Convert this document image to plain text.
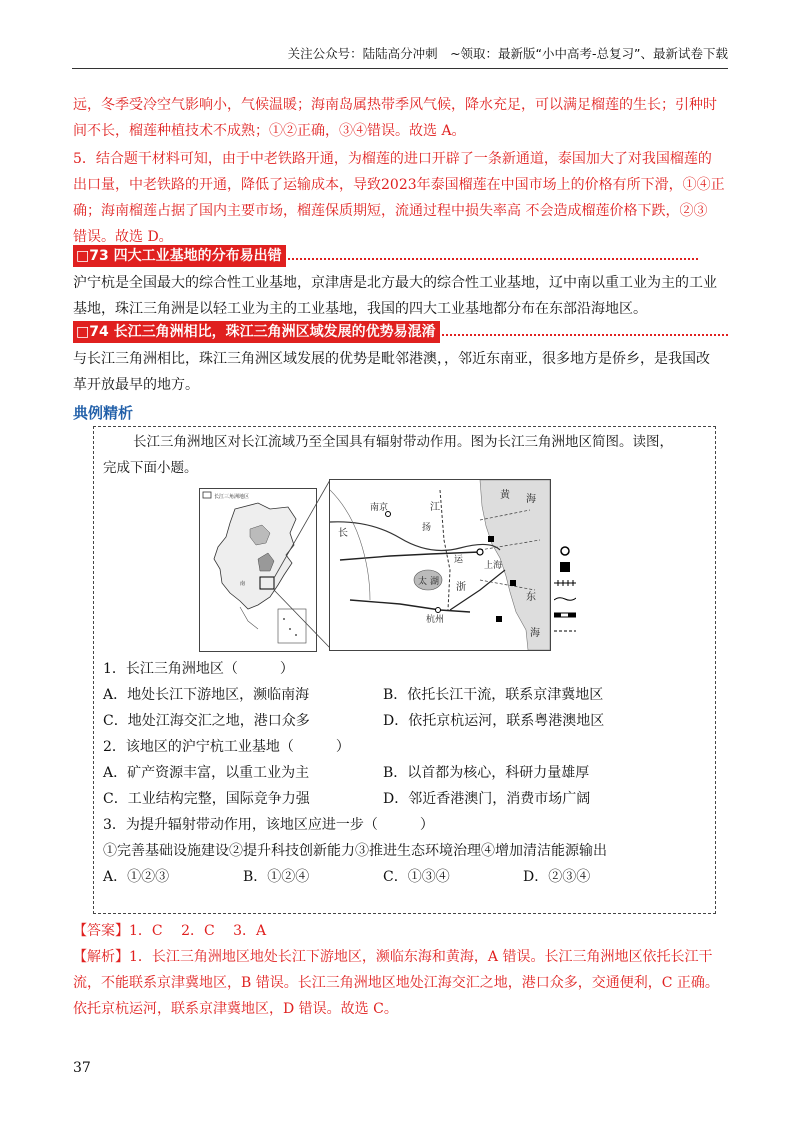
关注公众号：陆陆高分冲刺　~领取：最新版“小中高考-总复习”、最新试卷下载
远，冬季受冷空气影响小，气候温暖；海南岛属热带季风气候，降水充足，可以满足榴莲的生长；引种时
间不长，榴莲种植技术不成熟；①②正确，③④错误。故选 A。
5．结合题干材料可知，由于中老铁路开通，为榴莲的进口开辟了一条新通道，泰国加大了对我国榴莲的
出口量，中老铁路的开通，降低了运输成本，导致2023年泰国榴莲在中国市场上的价格有所下滑，①④正
确；海南榴莲占据了国内主要市场，榴莲保质期短，流通过程中损失率高 不会造成榴莲价格下跌，②③
错误。故选 D。
□73 四大工业基地的分布易出错
沪宁杭是全国最大的综合性工业基地，京津唐是北方最大的综合性工业基地，辽中南以重工业为主的工业
基地，珠江三角洲是以轻工业为主的工业基地，我国的四大工业基地都分布在东部沿海地区。
□74 长江三角洲相比，珠江三角洲区域发展的优势易混淆
与长江三角洲相比，珠江三角洲区域发展的优势是毗邻港澳，，邻近东南亚，很多地方是侨乡，是我国改
革开放最早的地方。
典例精析
长江三角洲地区对长江流域乃至全国具有辐射带动作用。图为长江三角洲地区简图。读图，
完成下面小题。
长江三角洲地区
南
黄 海
南京
长
江
扬
太 湖
运
上海
浙
杭州
东
海
1．长江三角洲地区（　　　）
A．地处长江下游地区，濒临南海	B．依托长江干流，联系京津冀地区
C．地处江海交汇之地，港口众多	D．依托京杭运河，联系粤港澳地区
2．该地区的沪宁杭工业基地（　　　）
A．矿产资源丰富，以重工业为主	B．以首都为核心，科研力量雄厚
C．工业结构完整，国际竞争力强	D．邻近香港澳门，消费市场广阔
3．为提升辐射带动作用，该地区应进一步（　　　）
①完善基础设施建设②提升科技创新能力③推进生态环境治理④增加清洁能源输出
A．①②③	B．①②④	C．①③④	D．②③④
【答案】1．C　 2．C　 3．A
【解析】1．长江三角洲地区地处长江下游地区，濒临东海和黄海，A 错误。长江三角洲地区依托长江干
流，不能联系京津冀地区，B 错误。长江三角洲地区地处江海交汇之地，港口众多，交通便利，C 正确。
依托京杭运河，联系京津冀地区，D 错误。故选 C。
37
